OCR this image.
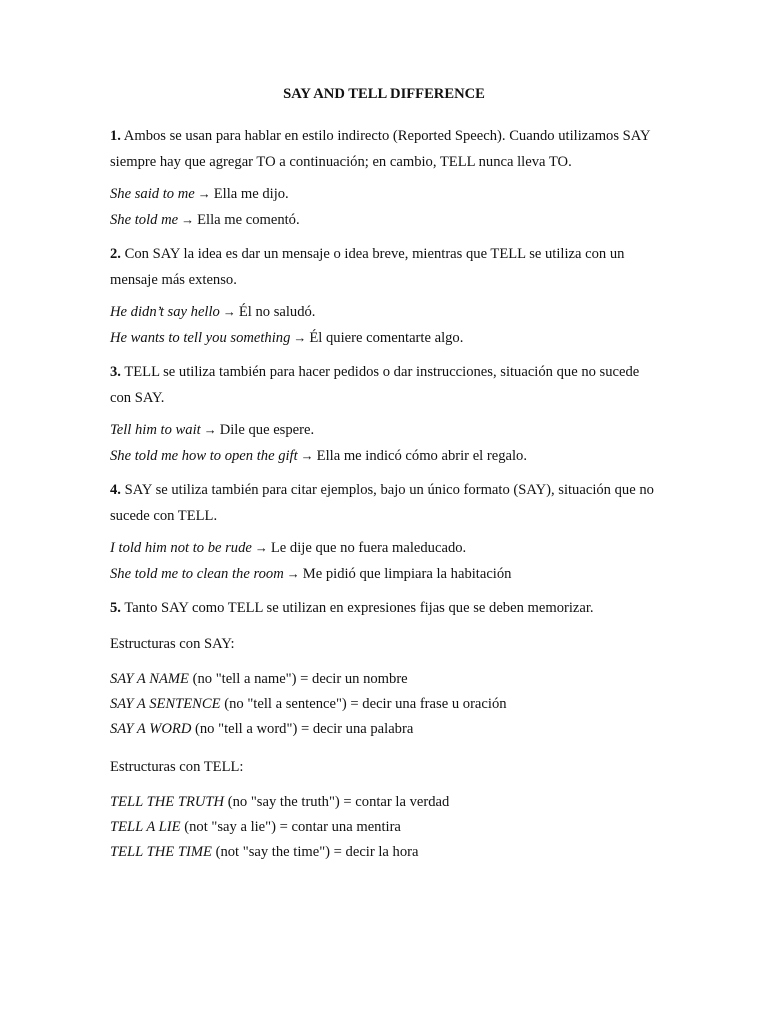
SAY AND TELL DIFFERENCE
1. Ambos se usan para hablar en estilo indirecto (Reported Speech). Cuando utilizamos SAY siempre hay que agregar TO a continuación; en cambio, TELL nunca lleva TO.
She said to me → Ella me dijo.
She told me → Ella me comentó.
2. Con SAY la idea es dar un mensaje o idea breve, mientras que TELL se utiliza con un mensaje más extenso.
He didn’t say hello → Él no saludó.
He wants to tell you something → Él quiere comentarte algo.
3. TELL se utiliza también para hacer pedidos o dar instrucciones, situación que no sucede con SAY.
Tell him to wait → Dile que espere.
She told me how to open the gift → Ella me indicó cómo abrir el regalo.
4. SAY se utiliza también para citar ejemplos, bajo un único formato (SAY), situación que no sucede con TELL.
I told him not to be rude → Le dije que no fuera maleducado.
She told me to clean the room → Me pidió que limpiara la habitación
5. Tanto SAY como TELL se utilizan en expresiones fijas que se deben memorizar.
Estructuras con SAY:
SAY A NAME (no "tell a name") = decir un nombre
SAY A SENTENCE (no "tell a sentence") = decir una frase u oración
SAY A WORD (no "tell a word") = decir una palabra
Estructuras con TELL:
TELL THE TRUTH (no "say the truth") = contar la verdad
TELL A LIE (not "say a lie") = contar una mentira
TELL THE TIME (not "say the time") = decir la hora
